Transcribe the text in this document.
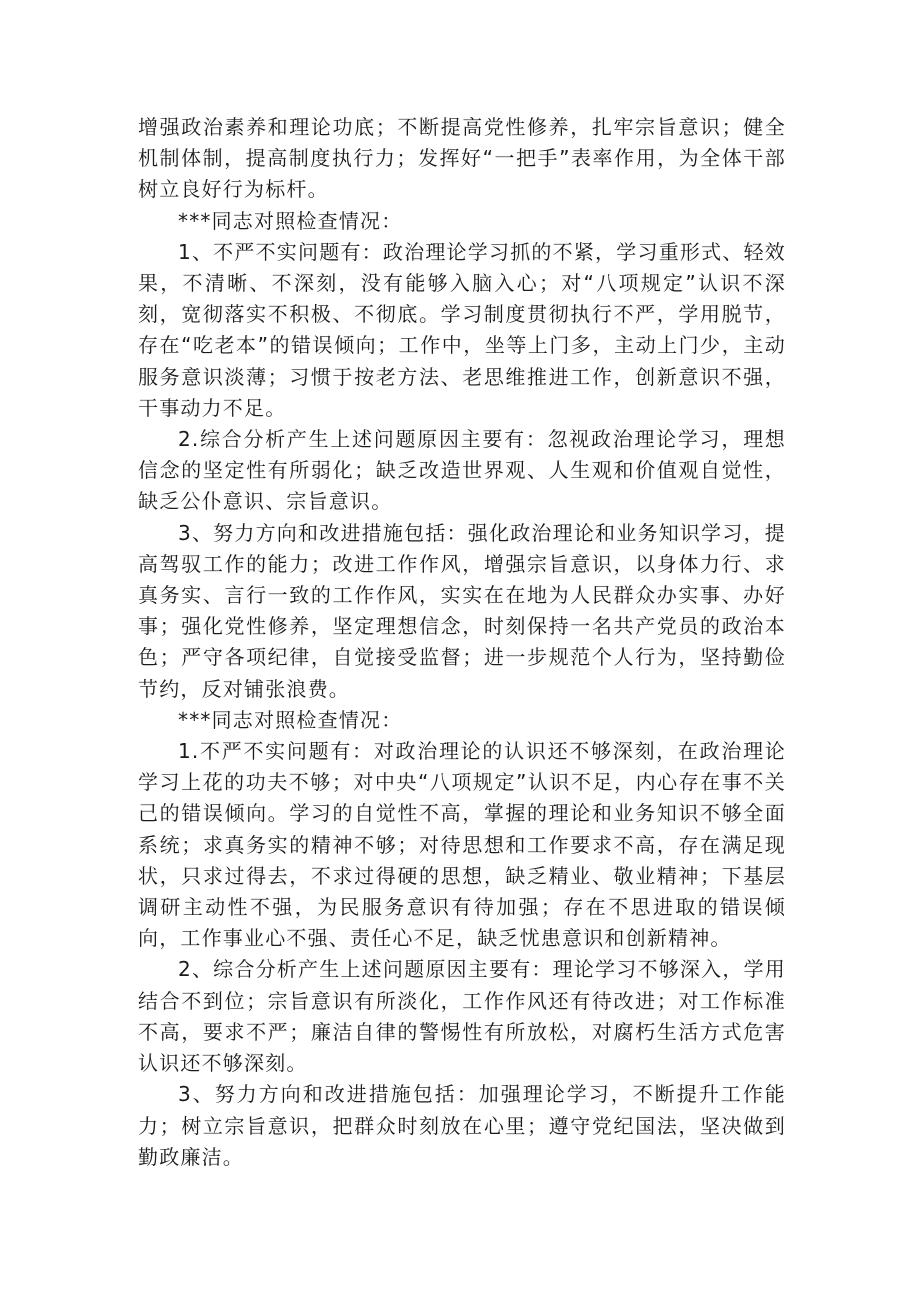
增强政治素养和理论功底；不断提高党性修养，扎牢宗旨意识；健全机制体制，提高制度执行力；发挥好“一把手”表率作用，为全体干部树立良好行为标杆。

***同志对照检查情况：

1、不严不实问题有：政治理论学习抓的不紧，学习重形式、轻效果，不清晰、不深刻，没有能够入脑入心；对“八项规定”认识不深刻，宽彻落实不积极、不彻底。学习制度贯彻执行不严，学用脱节，存在“吃老本”的错误倾向；工作中，坐等上门多，主动上门少，主动服务意识淡薄；习惯于按老方法、老思维推进工作，创新意识不强，干事动力不足。

2.综合分析产生上述问题原因主要有：忽视政治理论学习，理想信念的坚定性有所弱化；缺乏改造世界观、人生观和价值观自觉性，缺乏公仆意识、宗旨意识。

3、努力方向和改进措施包括：强化政治理论和业务知识学习，提高驾驭工作的能力；改进工作作风，增强宗旨意识，以身体力行、求真务实、言行一致的工作作风，实实在在地为人民群众办实事、办好事；强化党性修养，坚定理想信念，时刻保持一名共产党员的政治本色；严守各项纪律，自觉接受监督；进一步规范个人行为，坚持勤俭节约，反对铺张浪费。

***同志对照检查情况：

1.不严不实问题有：对政治理论的认识还不够深刻，在政治理论学习上花的功夫不够；对中央“八项规定”认识不足，内心存在事不关己的错误倾向。学习的自觉性不高，掌握的理论和业务知识不够全面系统；求真务实的精神不够；对待思想和工作要求不高，存在满足现状，只求过得去，不求过得硬的思想，缺乏精业、敬业精神；下基层调研主动性不强，为民服务意识有待加强；存在不思进取的错误倾向，工作事业心不强、责任心不足，缺乏忧患意识和创新精神。

2、综合分析产生上述问题原因主要有：理论学习不够深入，学用结合不到位；宗旨意识有所淡化，工作作风还有待改进；对工作标准不高，要求不严；廉洁自律的警惕性有所放松，对腐朽生活方式危害认识还不够深刻。

3、努力方向和改进措施包括：加强理论学习，不断提升工作能力；树立宗旨意识，把群众时刻放在心里；遵守党纪国法，坚决做到勤政廉洁。
